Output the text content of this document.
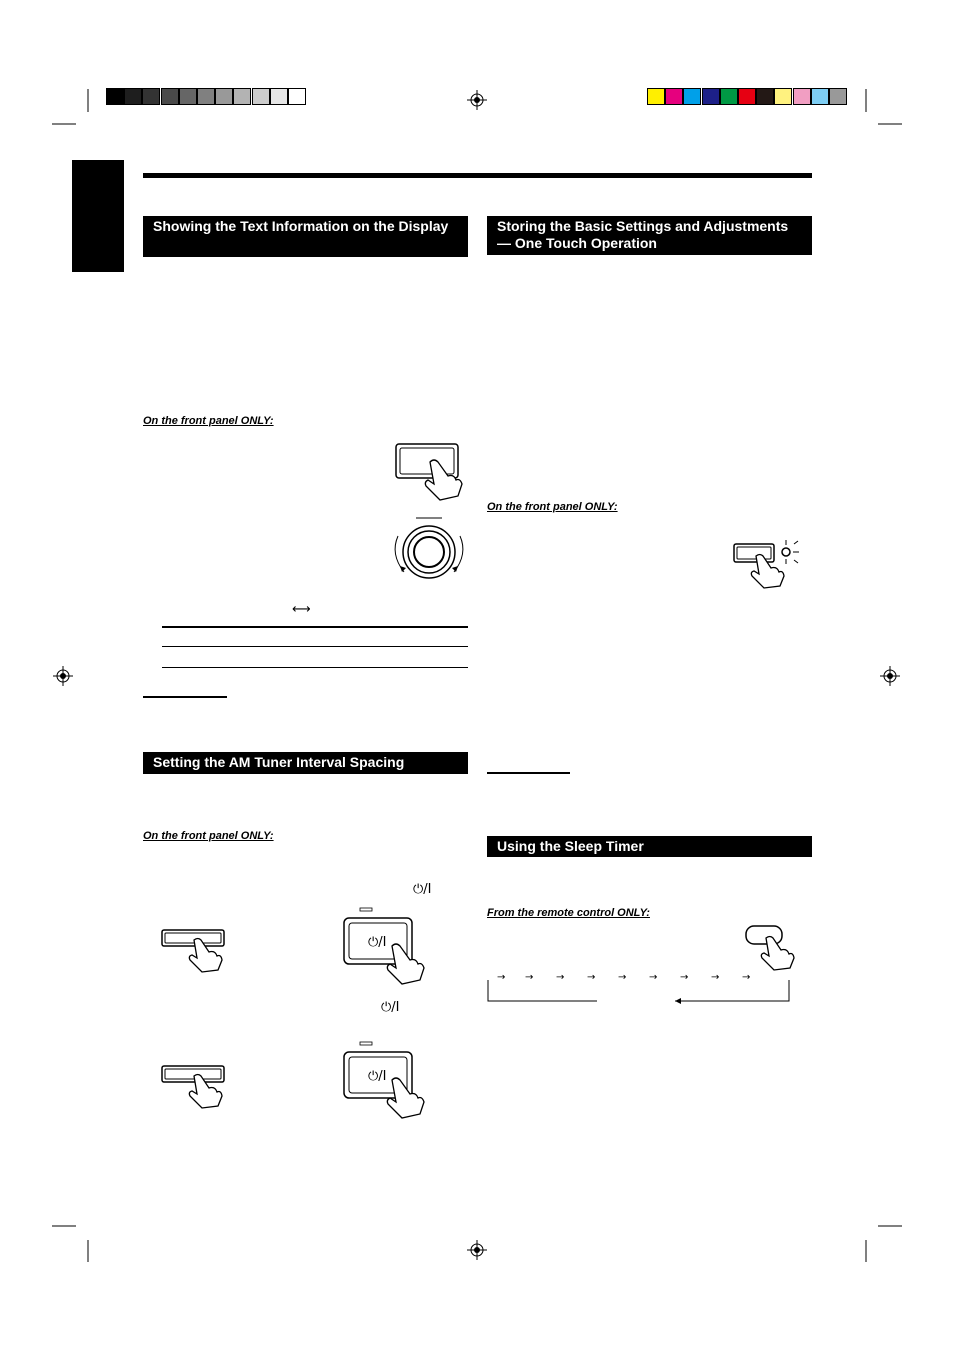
Showing the Text Information on the Display
On the front panel ONLY:
⟷
Setting the AM Tuner Interval Spacing
On the front panel ONLY:
⏻/I
⏻/I
⏻/I
⏻/I
Storing the Basic Settings and Adjustments — One Touch Operation
On the front panel ONLY:
Using the Sleep Timer
From the remote control ONLY:
→ → → → → → → → →
